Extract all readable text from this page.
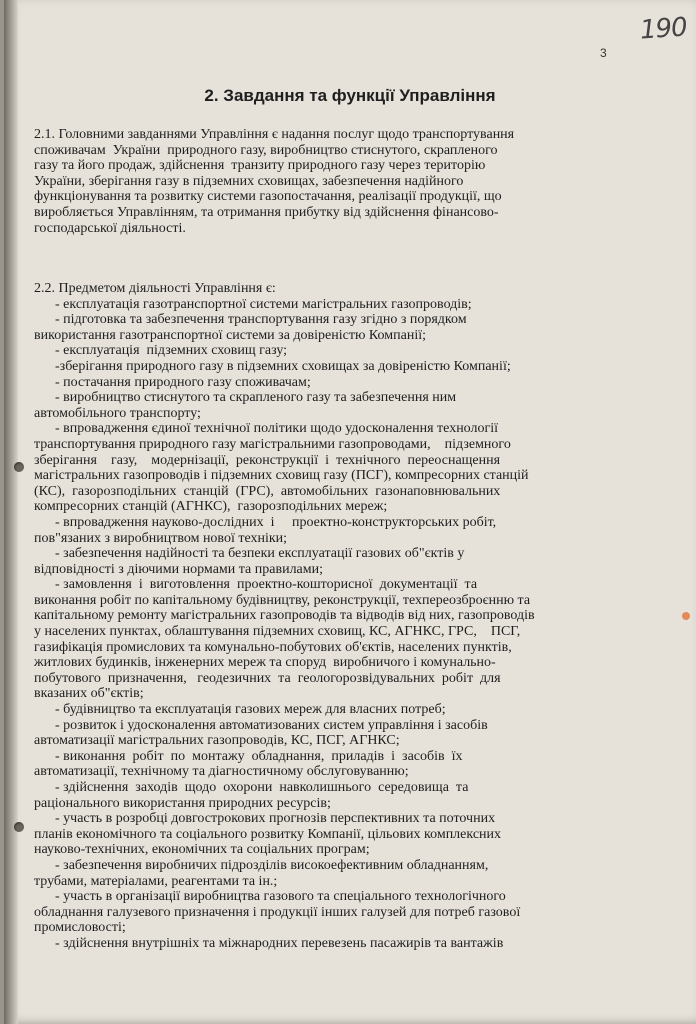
190
3
2. Завдання та функції Управління
2.1. Головними завданнями Управління є надання послуг щодо транспортування
споживачам  України  природного газу, виробництво стиснутого, скрапленого
газу та його продаж, здійснення  транзиту природного газу через територію
України, зберігання газу в підземних сховищах, забезпечення надійного
функціонування та розвитку системи газопостачання, реалізації продукції, що
виробляється Управлінням, та отримання прибутку від здійснення фінансово-
господарської діяльності.
2.2. Предметом діяльності Управління є:
- експлуатація газотранспортної системи магістральних газопроводів;
- підготовка та забезпечення транспортування газу згідно з порядком
використання газотранспортної системи за довіреністю Компанії;
- експлуатація  підземних сховищ газу;
-зберігання природного газу в підземних сховищах за довіреністю Компанії;
- постачання природного газу споживачам;
- виробництво стиснутого та скрапленого газу та забезпечення ним
автомобільного транспорту;
- впровадження єдиної технічної політики щодо удосконалення технології
транспортування природного газу магістральними газопроводами,    підземного
зберігання    газу,    модернізації,  реконструкції  і  технічного  переоснащення
магістральних газопроводів і підземних сховищ газу (ПСГ), компресорних станцій
(КС),  газорозподільних  станцій  (ГРС),  автомобільних  газонаповнювальних
компресорних станцій (АГНКС),  газорозподільних мереж;
- впровадження науково-дослідних  і     проектно-конструкторських робіт,
пов"язаних з виробництвом нової техніки;
- забезпечення надійності та безпеки експлуатації газових об"єктів у
відповідності з діючими нормами та правилами;
- замовлення  і  виготовлення  проектно-кошторисної  документації  та
виконання робіт по капітальному будівництву, реконструкції, техпереозброєнню та
капітальному ремонту магістральних газопроводів та відводів від них, газопроводів
у населених пунктах, облаштування підземних сховищ, КС, АГНКС, ГРС,    ПСГ,
газифікація промислових та комунально-побутових об'єктів, населених пунктів,
житлових будинків, інженерних мереж та споруд  виробничого і комунально-
побутового  призначення,   геодезичних  та  геологорозвідувальних  робіт  для
вказаних об"єктів;
- будівництво та експлуатація газових мереж для власних потреб;
- розвиток і удосконалення автоматизованих систем управління і засобів
автоматизації магістральних газопроводів, КС, ПСГ, АГНКС;
- виконання  робіт  по  монтажу  обладнання,  приладів  і  засобів  їх
автоматизації, технічному та діагностичному обслуговуванню;
- здійснення  заходів  щодо  охорони  навколишнього  середовища  та
раціонального використання природних ресурсів;
- участь в розробці довгострокових прогнозів перспективних та поточних
планів економічного та соціального розвитку Компанії, цільових комплексних
науково-технічних, економічних та соціальних програм;
- забезпечення виробничих підрозділів високоефективним обладнанням,
трубами, матеріалами, реагентами та ін.;
- участь в організації виробництва газового та спеціального технологічного
обладнання галузевого призначення і продукції інших галузей для потреб газової
промисловості;
- здійснення внутрішніх та міжнародних перевезень пасажирів та вантажів
